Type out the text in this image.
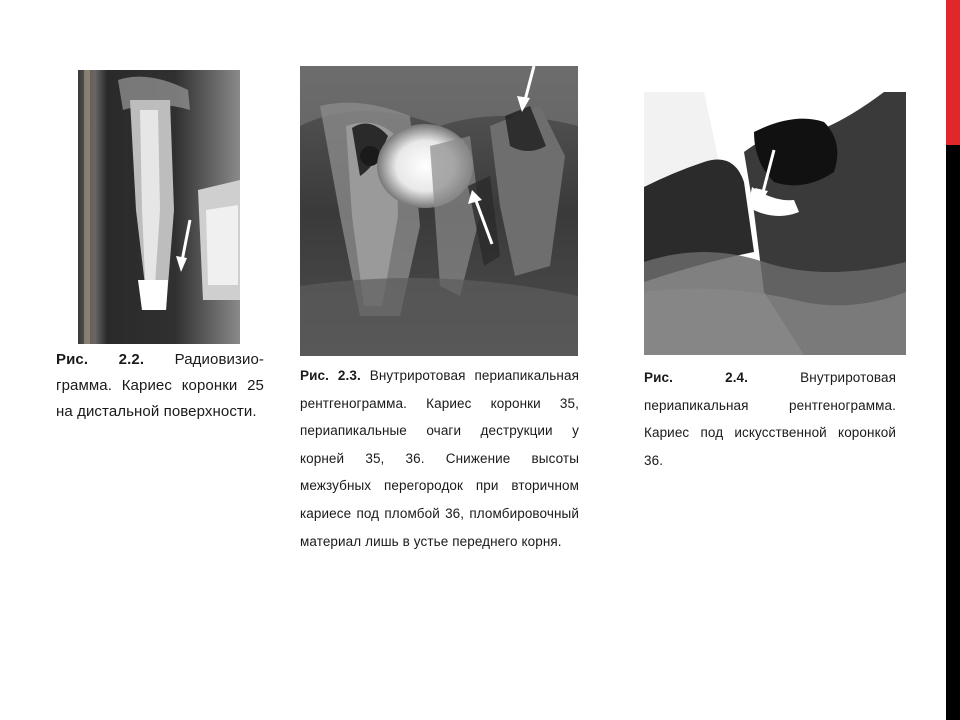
Рис. 2.2. Радиовизио-грамма. Кариес коронки 25 на дистальной поверхности.
Рис. 2.3. Внутриротовая периапикальная рентгенограмма. Кариес коронки 35, периапикальные очаги деструкции у корней 35, 36. Снижение высоты межзубных перегородок при вторичном кариесе под пломбой 36, пломбировочный материал лишь в устье переднего корня.
Рис. 2.4.	Внутриротовая периапикальная рентгенограмма. Кариес под искусственной коронкой 36.
